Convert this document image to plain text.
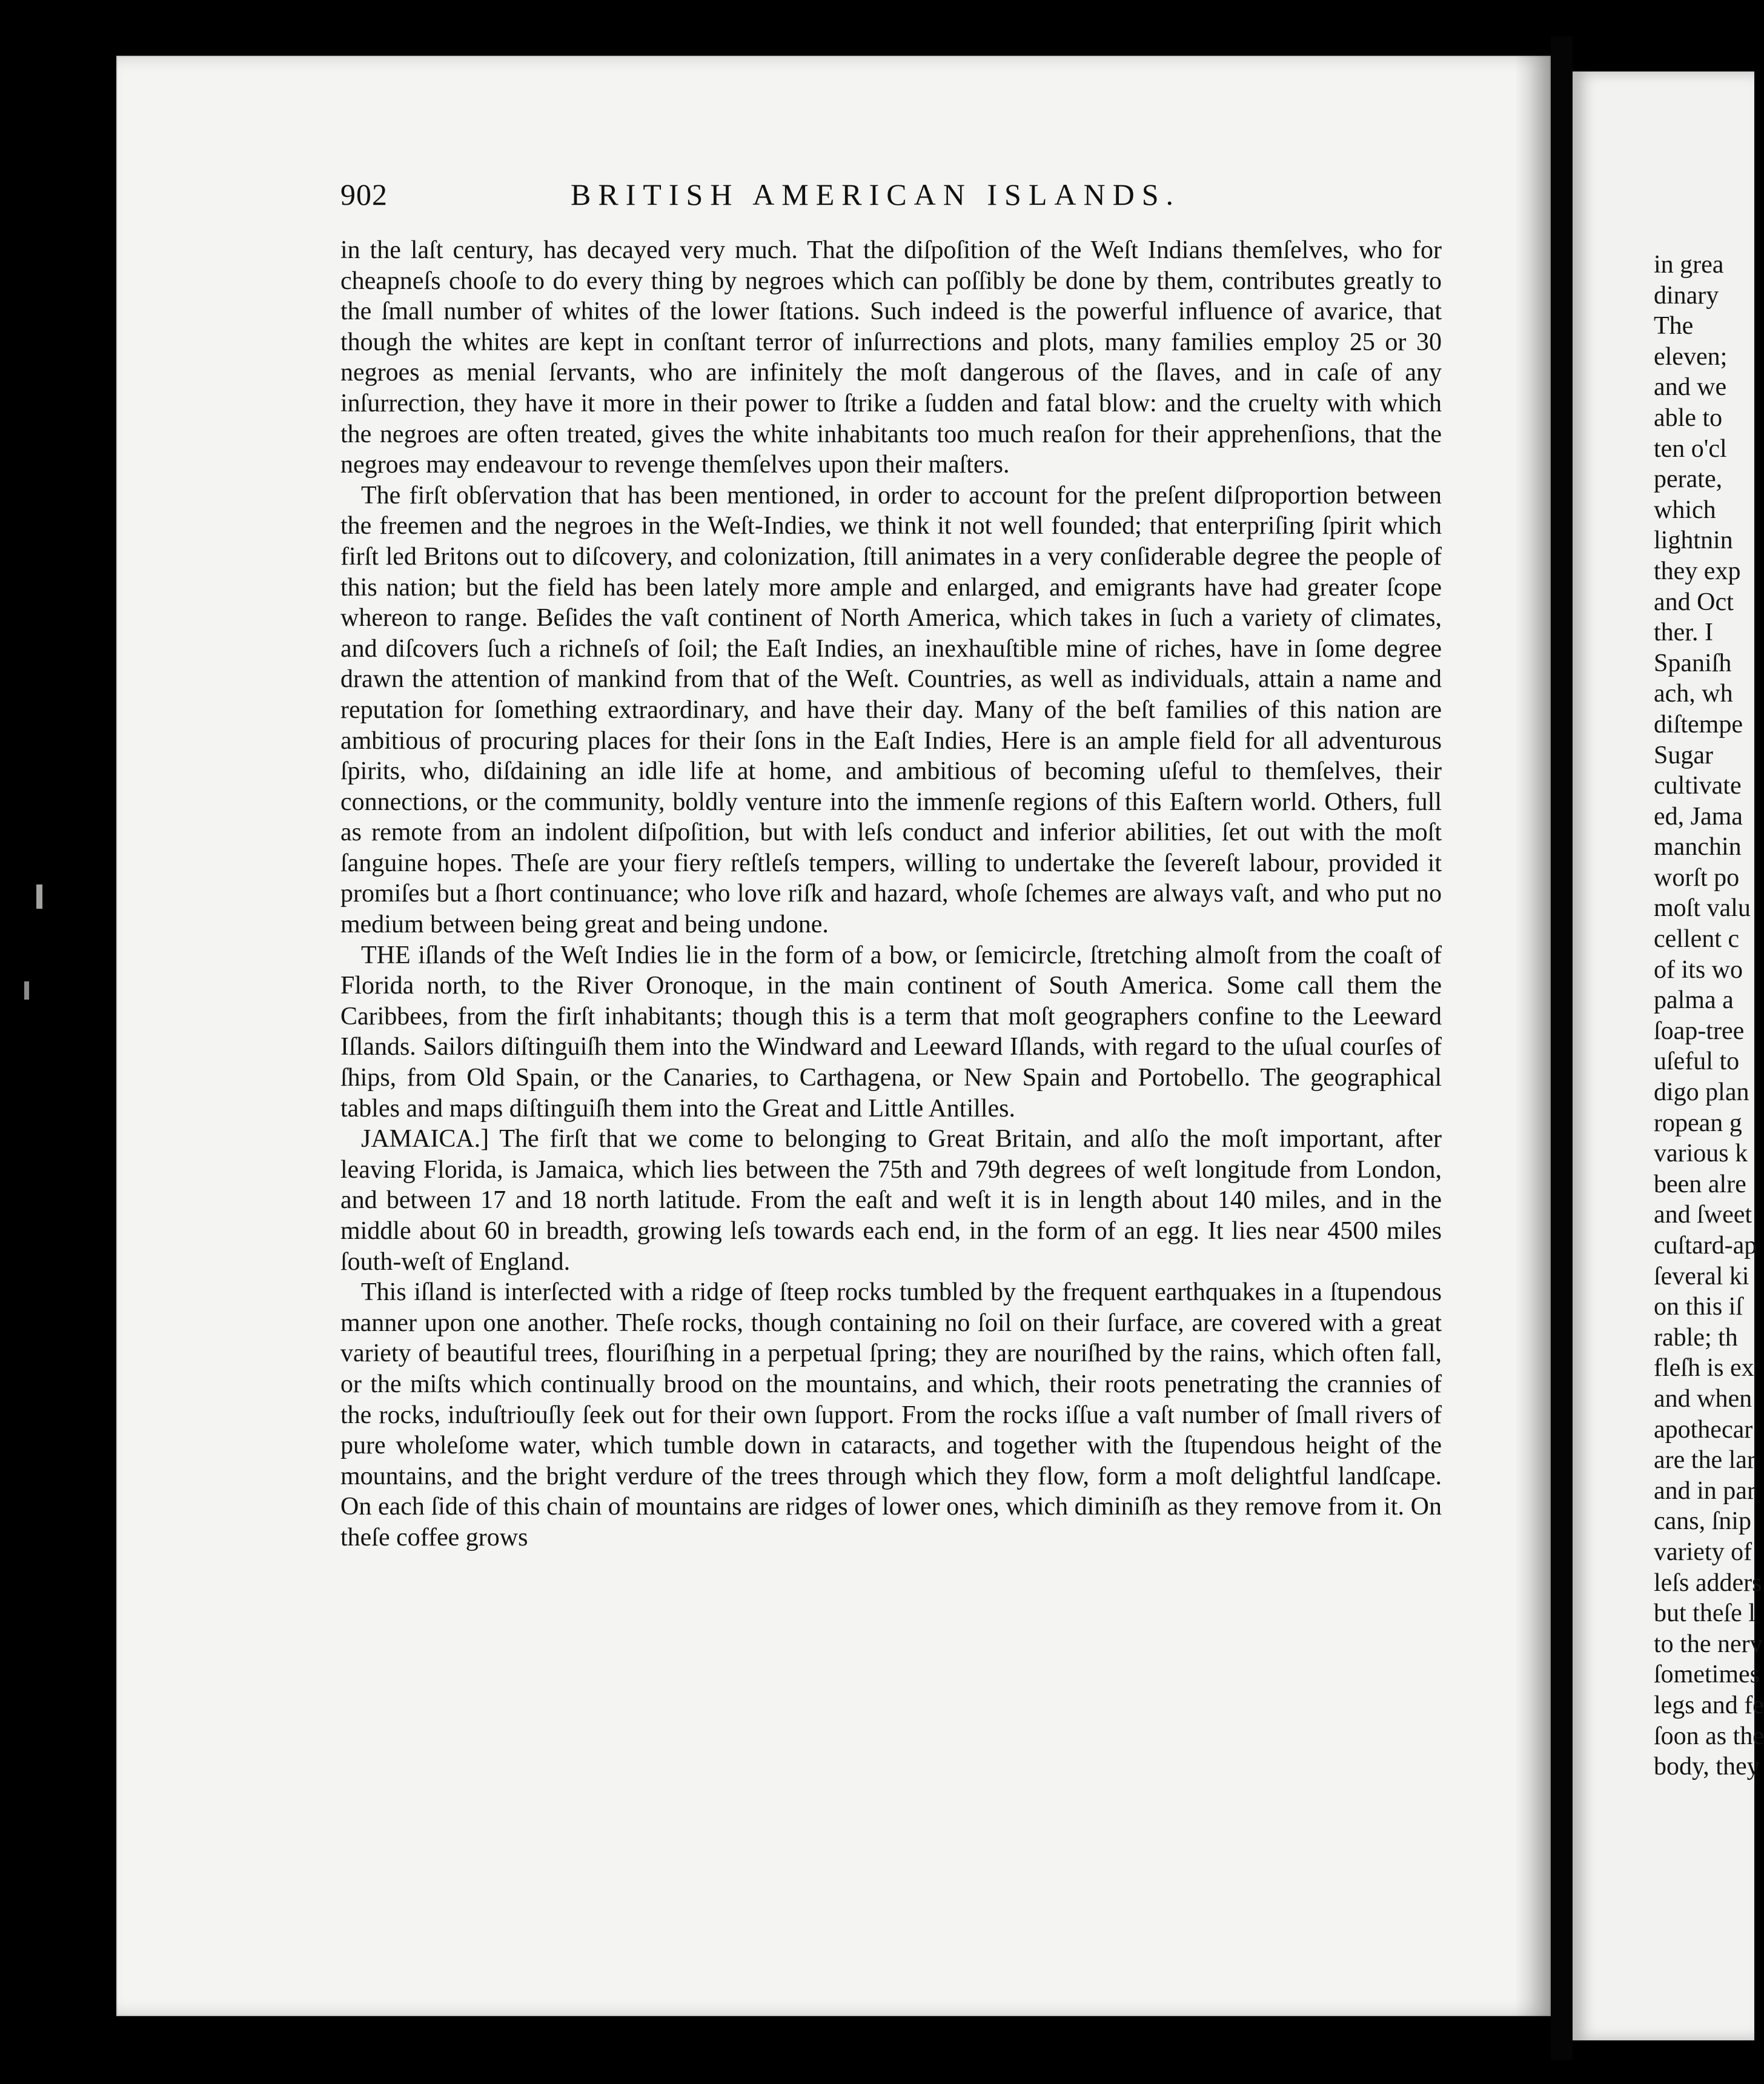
902	BRITISH AMERICAN ISLANDS.

in the laſt century, has decayed very much. That the diſpoſition of the Weſt Indians themſelves, who for cheapneſs chooſe to do every thing by negroes which can poſſibly be done by them, contributes greatly to the ſmall number of whites of the lower ſtations. Such indeed is the powerful influence of avarice, that though the whites are kept in conſtant terror of inſurrections and plots, many families employ 25 or 30 negroes as menial ſervants, who are infinitely the moſt dangerous of the ſlaves, and in caſe of any inſurrection, they have it more in their power to ſtrike a ſudden and fatal blow: and the cruelty with which the negroes are often treated, gives the white inhabitants too much reaſon for their apprehenſions, that the negroes may endeavour to revenge themſelves upon their maſters.

The firſt obſervation that has been mentioned, in order to account for the preſent diſproportion between the freemen and the negroes in the Weſt-Indies, we think it not well founded; that enterpriſing ſpirit which firſt led Britons out to diſcovery, and colonization, ſtill animates in a very conſiderable degree the people of this nation; but the field has been lately more ample and enlarged, and emigrants have had greater ſcope whereon to range. Beſides the vaſt continent of North America, which takes in ſuch a variety of climates, and diſcovers ſuch a richneſs of ſoil; the Eaſt Indies, an inexhauſtible mine of riches, have in ſome degree drawn the attention of mankind from that of the Weſt. Countries, as well as individuals, attain a name and reputation for ſomething extraordinary, and have their day. Many of the beſt families of this nation are ambitious of procuring places for their ſons in the Eaſt Indies, Here is an ample field for all adventurous ſpirits, who, diſdaining an idle life at home, and ambitious of becoming uſeful to themſelves, their connections, or the community, boldly venture into the immenſe regions of this Eaſtern world. Others, full as remote from an indolent diſpoſition, but with leſs conduct and inferior abilities, ſet out with the moſt ſanguine hopes. Theſe are your fiery reſtleſs tempers, willing to undertake the ſevereſt labour, provided it promiſes but a ſhort continuance; who love riſk and hazard, whoſe ſchemes are always vaſt, and who put no medium between being great and being undone.

THE iſlands of the Weſt Indies lie in the form of a bow, or ſemicircle, ſtretching almoſt from the coaſt of Florida north, to the River Oronoque, in the main continent of South America. Some call them the Caribbees, from the firſt inhabitants; though this is a term that moſt geographers confine to the Leeward Iſlands. Sailors diſtinguiſh them into the Windward and Leeward Iſlands, with regard to the uſual courſes of ſhips, from Old Spain, or the Canaries, to Carthagena, or New Spain and Portobello. The geographical tables and maps diſtinguiſh them into the Great and Little Antilles.

JAMAICA.] The firſt that we come to belonging to Great Britain, and alſo the moſt important, after leaving Florida, is Jamaica, which lies between the 75th and 79th degrees of weſt longitude from London, and between 17 and 18 north latitude. From the eaſt and weſt it is in length about 140 miles, and in the middle about 60 in breadth, growing leſs towards each end, in the form of an egg. It lies near 4500 miles ſouth-weſt of England.

This iſland is interſected with a ridge of ſteep rocks tumbled by the frequent earthquakes in a ſtupendous manner upon one another. Theſe rocks, though containing no ſoil on their ſurface, are covered with a great variety of beautiful trees, flouriſhing in a perpetual ſpring; they are nouriſhed by the rains, which often fall, or the miſts which continually brood on the mountains, and which, their roots penetrating the crannies of the rocks, induſtriouſly ſeek out for their own ſupport. From the rocks iſſue a vaſt number of ſmall rivers of pure wholeſome water, which tumble down in cataracts, and together with the ſtupendous height of the mountains, and the bright verdure of the trees through which they flow, form a moſt delightful landſcape. On each ſide of this chain of mountains are ridges of lower ones, which diminiſh as they remove from it. On theſe coffee grows

in grea
dinary
The
eleven;
and we
able to
ten o'cl
perate,
which
lightnin
they exp
and Oct
ther. I
Spaniſh
ach, wh
diſtempe
Sugar
cultivate
ed, Jama
manchin
worſt po
moſt valu
cellent c
of its wo
palma a
ſoap-tree
uſeful to
digo plan
ropean g
various k
been alre
and ſweet
cuſtard-ap
ſeveral ki
on this iſ
rable; th
fleſh is ex
and when
apothecar
are the lar
and in par
cans, ſnip
variety of
leſs adders
but theſe l
to the nerv
ſometimes
legs and fe
ſoon as the
body, they
